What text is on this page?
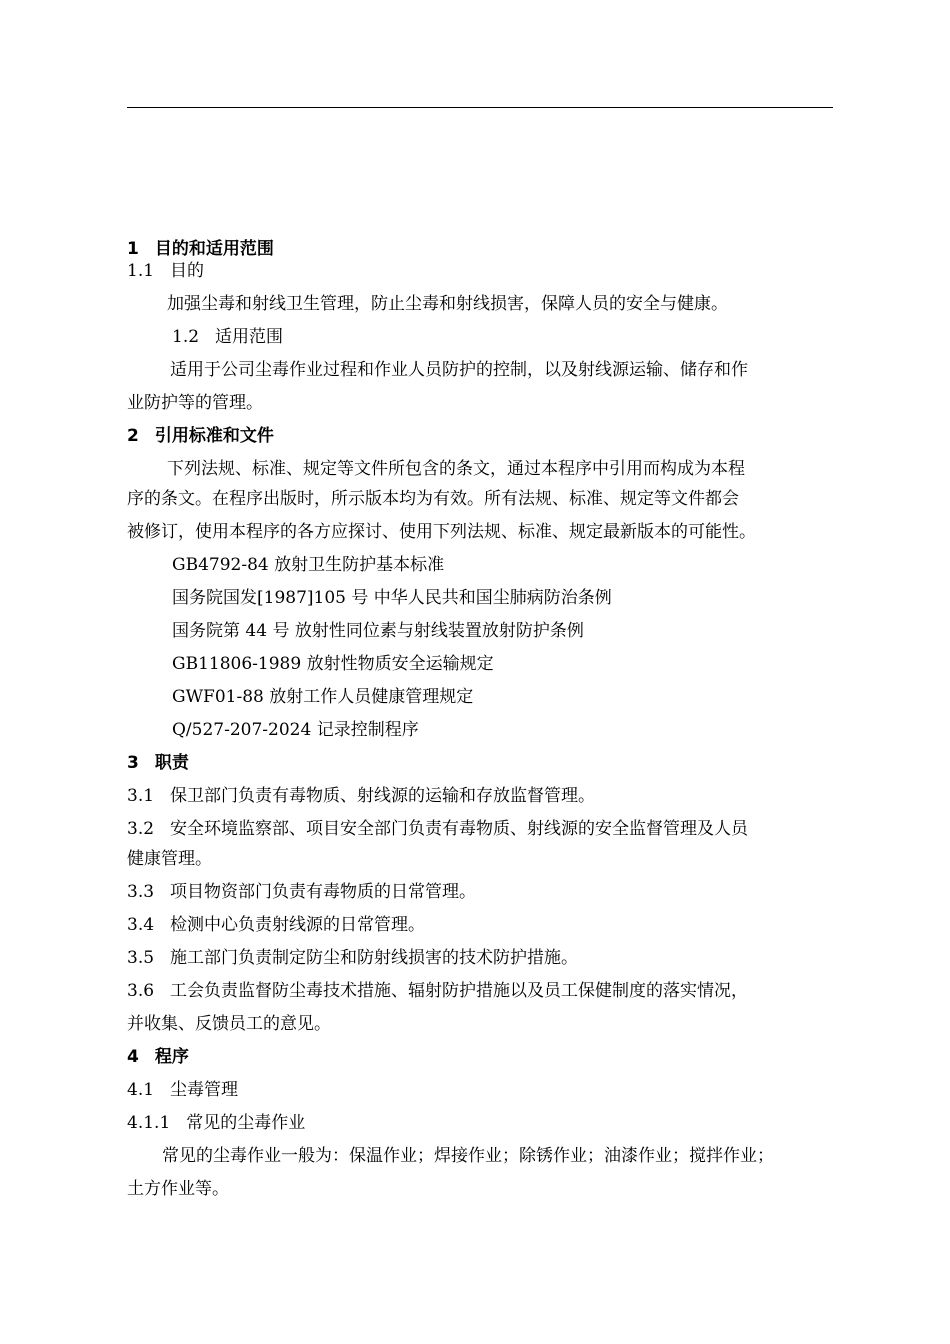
1 目的和适用范围
1.1 目的
加强尘毒和射线卫生管理，防止尘毒和射线损害，保障人员的安全与健康。
1.2 适用范围
适用于公司尘毒作业过程和作业人员防护的控制，以及射线源运输、储存和作
业防护等的管理。
2 引用标准和文件
下列法规、标准、规定等文件所包含的条文，通过本程序中引用而构成为本程
序的条文。在程序出版时，所示版本均为有效。所有法规、标准、规定等文件都会
被修订，使用本程序的各方应探讨、使用下列法规、标准、规定最新版本的可能性。
GB4792-84 放射卫生防护基本标准
国务院国发[1987]105 号 中华人民共和国尘肺病防治条例
国务院第 44 号 放射性同位素与射线装置放射防护条例
GB11806-1989 放射性物质安全运输规定
GWF01-88 放射工作人员健康管理规定
Q/527-207-2024 记录控制程序
3 职责
3.1 保卫部门负责有毒物质、射线源的运输和存放监督管理。
3.2 安全环境监察部、项目安全部门负责有毒物质、射线源的安全监督管理及人员
健康管理。
3.3 项目物资部门负责有毒物质的日常管理。
3.4 检测中心负责射线源的日常管理。
3.5 施工部门负责制定防尘和防射线损害的技术防护措施。
3.6 工会负责监督防尘毒技术措施、辐射防护措施以及员工保健制度的落实情况，
并收集、反馈员工的意见。
4 程序
4.1 尘毒管理
4.1.1 常见的尘毒作业
常见的尘毒作业一般为：保温作业；焊接作业；除锈作业；油漆作业；搅拌作业；
土方作业等。
